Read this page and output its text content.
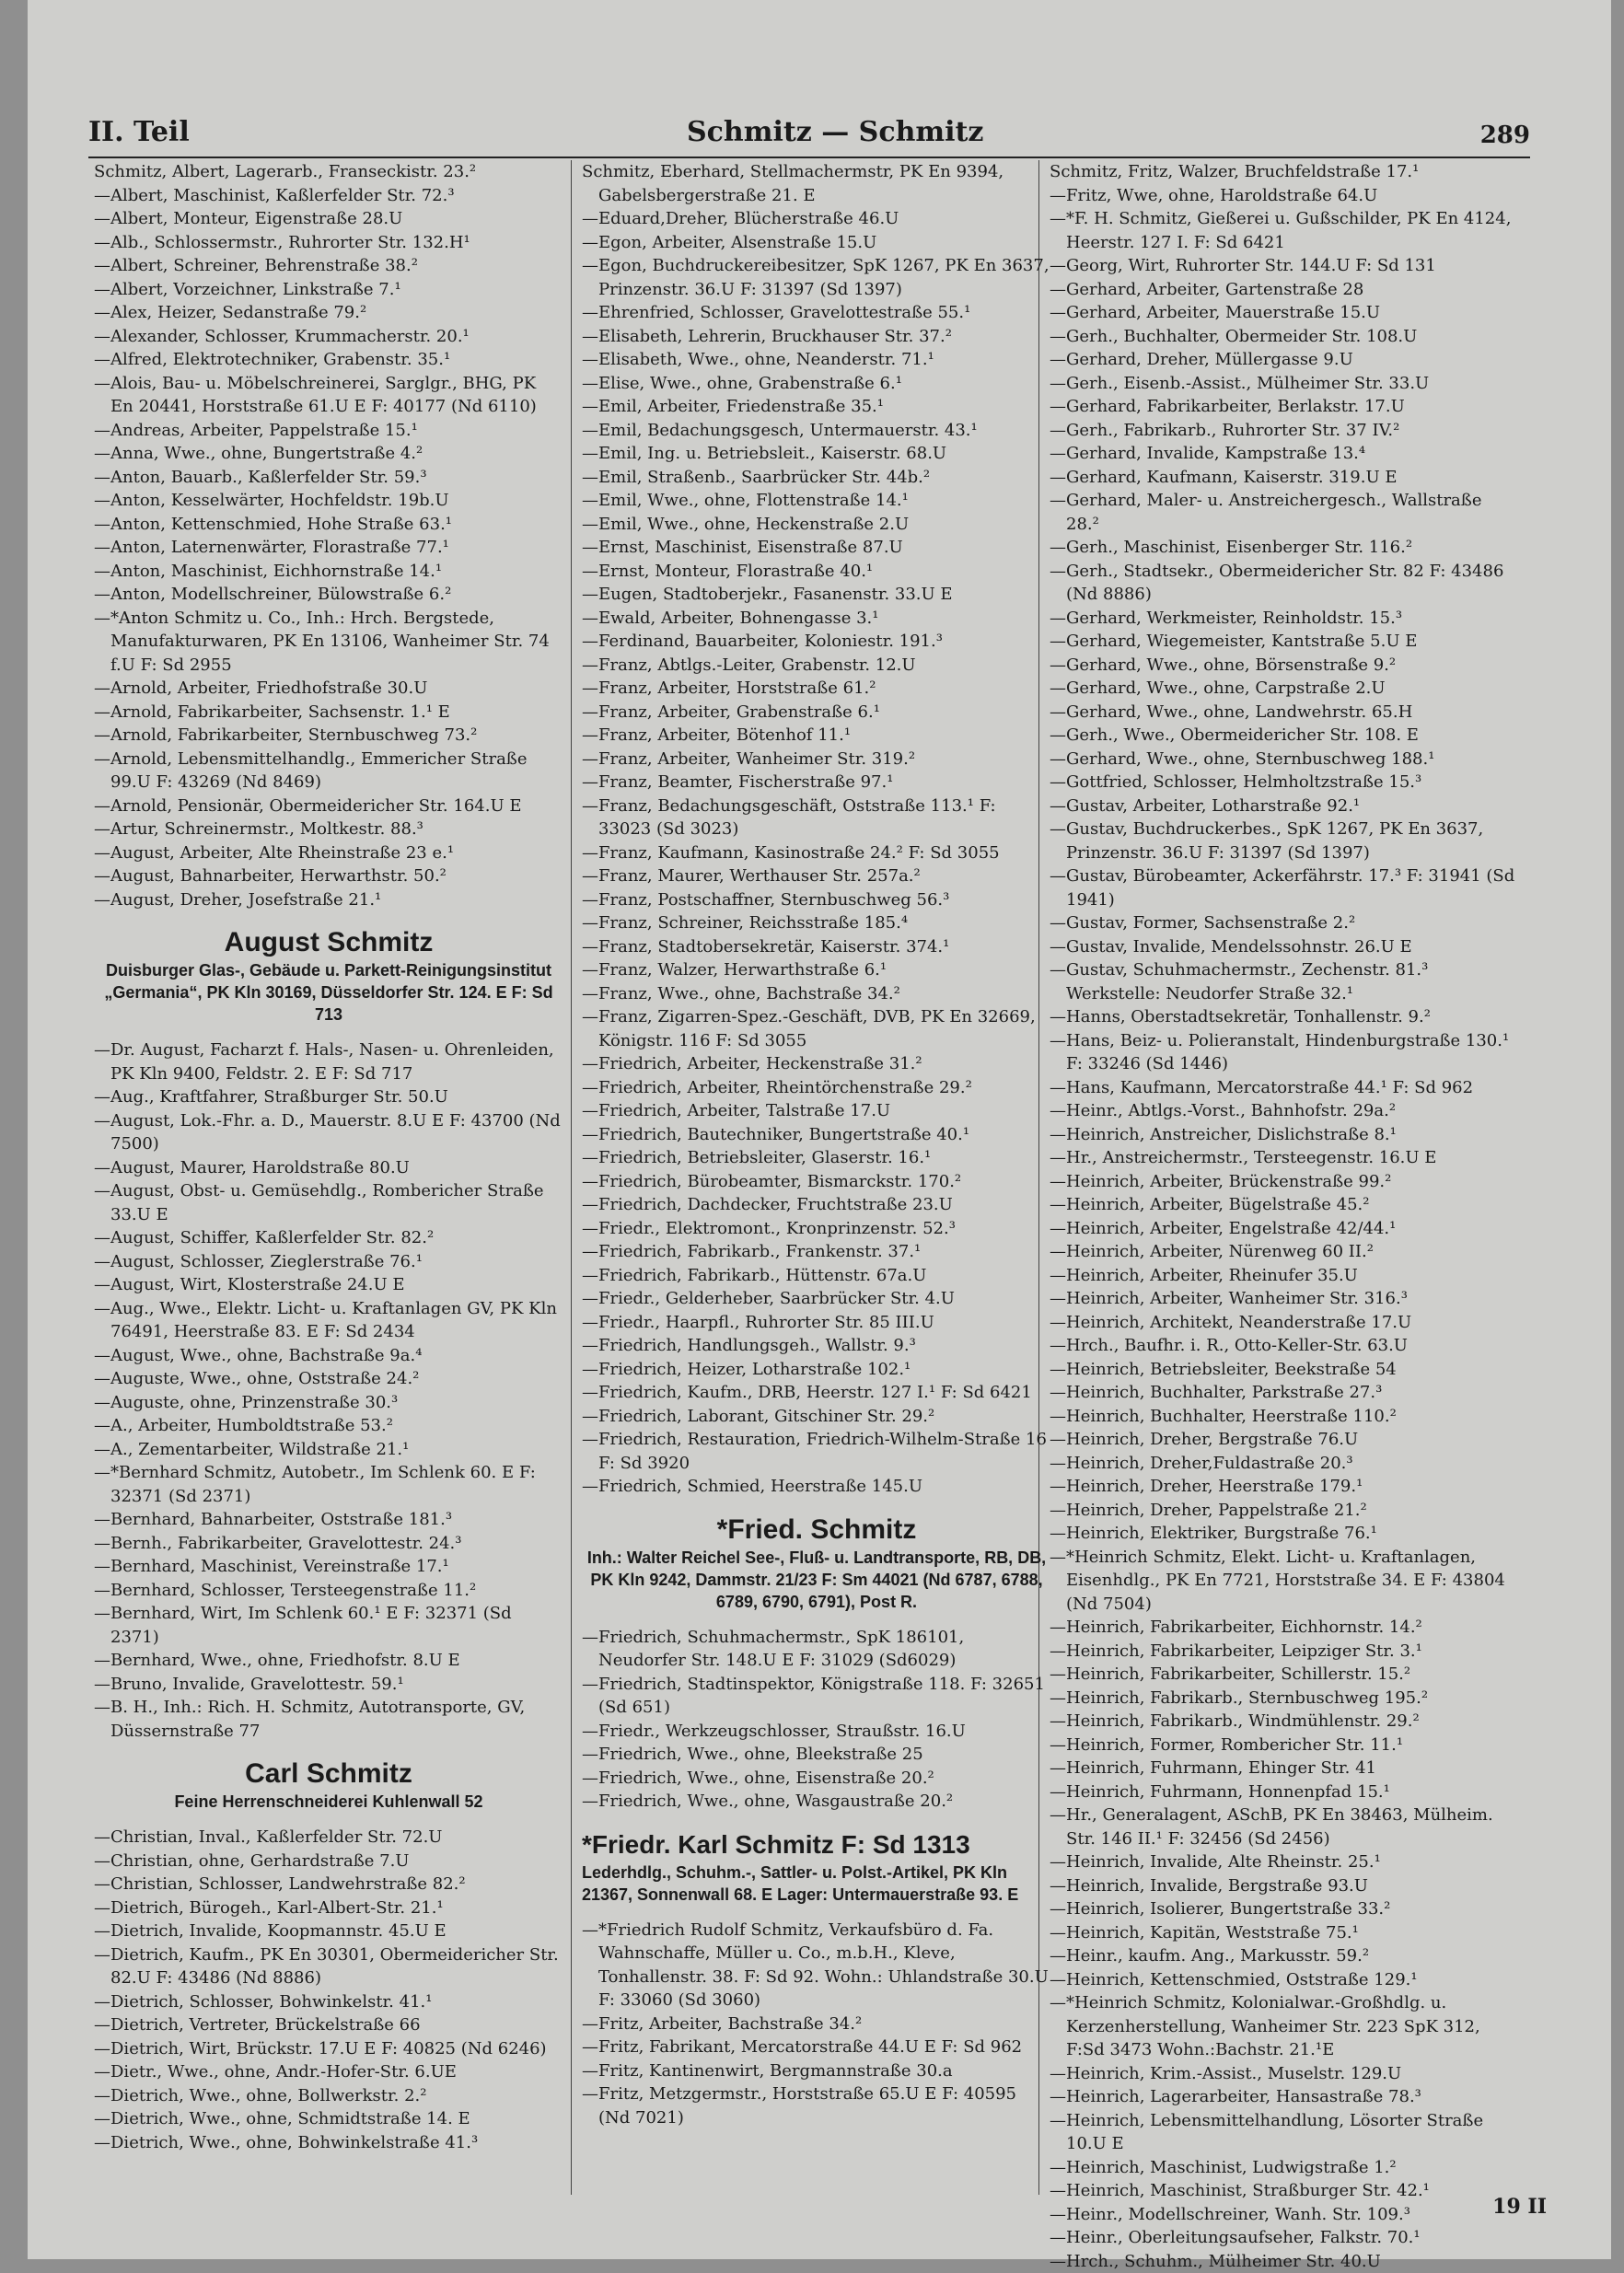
II. Teil	Schmitz — Schmitz	289
Schmitz, Albert, Lagerarb., Franseckistr. 23.²
—Albert, Maschinist, Kaßlerfelder Str. 72.³
—Albert, Monteur, Eigenstraße 28.U
—Alb., Schlossermstr., Ruhrorter Str. 132.H¹
—Albert, Schreiner, Behrenstraße 38.²
—Albert, Vorzeichner, Linkstraße 7.¹
—Alex, Heizer, Sedanstraße 79.²
—Alexander, Schlosser, Krummacherstr. 20.¹
—Alfred, Elektrotechniker, Grabenstr. 35.¹
—Alois, Bau- u. Möbelschreinerei, Sarglgr., BHG, PK En 20441, Horststraße 61.U E F: 40177 (Nd 6110)
—Andreas, Arbeiter, Pappelstraße 15.¹
—Anna, Wwe., ohne, Bungertstraße 4.²
—Anton, Bauarb., Kaßlerfelder Str. 59.³
—Anton, Kesselwärter, Hochfeldstr. 19b.U
—Anton, Kettenschmied, Hohe Straße 63.¹
—Anton, Laternenwärter, Florastraße 77.¹
—Anton, Maschinist, Eichhornstraße 14.¹
—Anton, Modellschreiner, Bülowstraße 6.²
—*Anton Schmitz u. Co., Inh.: Hrch. Bergstede, Manufakturwaren, PK En 13106, Wanheimer Str. 74 f.U F: Sd 2955
—Arnold, Arbeiter, Friedhofstraße 30.U
—Arnold, Fabrikarbeiter, Sachsenstr. 1.¹ E
—Arnold, Fabrikarbeiter, Sternbuschweg 73.²
—Arnold, Lebensmittelhandlg., Emmericher Straße 99.U F: 43269 (Nd 8469)
—Arnold, Pensionär, Obermeidericher Str. 164.U E
—Artur, Schreinermstr., Moltkestr. 88.³
—August, Arbeiter, Alte Rheinstraße 23 e.¹
—August, Bahnarbeiter, Herwarthstr. 50.²
—August, Dreher, Josefstraße 21.¹
August Schmitz
Duisburger Glas-, Gebäude u. Parkett-Reinigungsinstitut „Germania“, PK Kln 30169, Düsseldorfer Str. 124. E F: Sd 713
—Dr. August, Facharzt f. Hals-, Nasen- u. Ohrenleiden, PK Kln 9400, Feldstr. 2. E F: Sd 717
—Aug., Kraftfahrer, Straßburger Str. 50.U
—August, Lok.-Fhr. a. D., Mauerstr. 8.U E F: 43700 (Nd 7500)
—August, Maurer, Haroldstraße 80.U
—August, Obst- u. Gemüsehdlg., Rombericher Straße 33.U E
—August, Schiffer, Kaßlerfelder Str. 82.²
—August, Schlosser, Zieglerstraße 76.¹
—August, Wirt, Klosterstraße 24.U E
—Aug., Wwe., Elektr. Licht- u. Kraftanlagen GV, PK Kln 76491, Heerstraße 83. E F: Sd 2434
—August, Wwe., ohne, Bachstraße 9a.⁴
—Auguste, Wwe., ohne, Oststraße 24.²
—Auguste, ohne, Prinzenstraße 30.³
—A., Arbeiter, Humboldtstraße 53.²
—A., Zementarbeiter, Wildstraße 21.¹
—*Bernhard Schmitz, Autobetr., Im Schlenk 60. E F: 32371 (Sd 2371)
—Bernhard, Bahnarbeiter, Oststraße 181.³
—Bernh., Fabrikarbeiter, Gravelottestr. 24.³
—Bernhard, Maschinist, Vereinstraße 17.¹
—Bernhard, Schlosser, Tersteegenstraße 11.²
—Bernhard, Wirt, Im Schlenk 60.¹ E F: 32371 (Sd 2371)
—Bernhard, Wwe., ohne, Friedhofstr. 8.U E
—Bruno, Invalide, Gravelottestr. 59.¹
—B. H., Inh.: Rich. H. Schmitz, Autotransporte, GV, Düssernstraße 77
Carl Schmitz
Feine Herrenschneiderei Kuhlenwall 52
—Christian, Inval., Kaßlerfelder Str. 72.U
—Christian, ohne, Gerhardstraße 7.U
—Christian, Schlosser, Landwehrstraße 82.²
—Dietrich, Bürogeh., Karl-Albert-Str. 21.¹
—Dietrich, Invalide, Koopmannstr. 45.U E
—Dietrich, Kaufm., PK En 30301, Obermeidericher Str. 82.U F: 43486 (Nd 8886)
—Dietrich, Schlosser, Bohwinkelstr. 41.¹
—Dietrich, Vertreter, Brückelstraße 66
—Dietrich, Wirt, Brückstr. 17.U E F: 40825 (Nd 6246)
—Dietr., Wwe., ohne, Andr.-Hofer-Str. 6.UE
—Dietrich, Wwe., ohne, Bollwerkstr. 2.²
—Dietrich, Wwe., ohne, Schmidtstraße 14. E
—Dietrich, Wwe., ohne, Bohwinkelstraße 41.³
Schmitz, Eberhard, Stellmachermstr, PK En 9394, Gabelsbergerstraße 21. E
—Eduard,Dreher, Blücherstraße 46.U
—Egon, Arbeiter, Alsenstraße 15.U
—Egon, Buchdruckereibesitzer, SpK 1267, PK En 3637, Prinzenstr. 36.U F: 31397 (Sd 1397)
—Ehrenfried, Schlosser, Gravelottestraße 55.¹
—Elisabeth, Lehrerin, Bruckhauser Str. 37.²
—Elisabeth, Wwe., ohne, Neanderstr. 71.¹
—Elise, Wwe., ohne, Grabenstraße 6.¹
—Emil, Arbeiter, Friedenstraße 35.¹
—Emil, Bedachungsgesch, Untermauerstr. 43.¹
—Emil, Ing. u. Betriebsleit., Kaiserstr. 68.U
—Emil, Straßenb., Saarbrücker Str. 44b.²
—Emil, Wwe., ohne, Flottenstraße 14.¹
—Emil, Wwe., ohne, Heckenstraße 2.U
—Ernst, Maschinist, Eisenstraße 87.U
—Ernst, Monteur, Florastraße 40.¹
—Eugen, Stadtoberjekr., Fasanenstr. 33.U E
—Ewald, Arbeiter, Bohnengasse 3.¹
—Ferdinand, Bauarbeiter, Koloniestr. 191.³
—Franz, Abtlgs.-Leiter, Grabenstr. 12.U
—Franz, Arbeiter, Horststraße 61.²
—Franz, Arbeiter, Grabenstraße 6.¹
—Franz, Arbeiter, Bötenhof 11.¹
—Franz, Arbeiter, Wanheimer Str. 319.²
—Franz, Beamter, Fischerstraße 97.¹
—Franz, Bedachungsgeschäft, Oststraße 113.¹ F: 33023 (Sd 3023)
—Franz, Kaufmann, Kasinostraße 24.² F: Sd 3055
—Franz, Maurer, Werthauser Str. 257a.²
—Franz, Postschaffner, Sternbuschweg 56.³
—Franz, Schreiner, Reichsstraße 185.⁴
—Franz, Stadtobersekretär, Kaiserstr. 374.¹
—Franz, Walzer, Herwarthstraße 6.¹
—Franz, Wwe., ohne, Bachstraße 34.²
—Franz, Zigarren-Spez.-Geschäft, DVB, PK En 32669, Königstr. 116 F: Sd 3055
—Friedrich, Arbeiter, Heckenstraße 31.²
—Friedrich, Arbeiter, Rheintörchenstraße 29.²
—Friedrich, Arbeiter, Talstraße 17.U
—Friedrich, Bautechniker, Bungertstraße 40.¹
—Friedrich, Betriebsleiter, Glaserstr. 16.¹
—Friedrich, Bürobeamter, Bismarckstr. 170.²
—Friedrich, Dachdecker, Fruchtstraße 23.U
—Friedr., Elektromont., Kronprinzenstr. 52.³
—Friedrich, Fabrikarb., Frankenstr. 37.¹
—Friedrich, Fabrikarb., Hüttenstr. 67a.U
—Friedr., Gelderheber, Saarbrücker Str. 4.U
—Friedr., Haarpfl., Ruhrorter Str. 85 III.U
—Friedrich, Handlungsgeh., Wallstr. 9.³
—Friedrich, Heizer, Lotharstraße 102.¹
—Friedrich, Kaufm., DRB, Heerstr. 127 I.¹ F: Sd 6421
—Friedrich, Laborant, Gitschiner Str. 29.²
—Friedrich, Restauration, Friedrich-Wilhelm-Straße 16 F: Sd 3920
—Friedrich, Schmied, Heerstraße 145.U
*Fried. Schmitz
Inh.: Walter Reichel See-, Fluß- u. Landtransporte, RB, DB, PK Kln 9242, Dammstr. 21/23 F: Sm 44021 (Nd 6787, 6788, 6789, 6790, 6791), Post R.
—Friedrich, Schuhmachermstr., SpK 186101, Neudorfer Str. 148.U E F: 31029 (Sd6029)
—Friedrich, Stadtinspektor, Königstraße 118. F: 32651 (Sd 651)
—Friedr., Werkzeugschlosser, Straußstr. 16.U
—Friedrich, Wwe., ohne, Bleekstraße 25
—Friedrich, Wwe., ohne, Eisenstraße 20.²
—Friedrich, Wwe., ohne, Wasgaustraße 20.²
*Friedr. Karl Schmitz F: Sd 1313
Lederhdlg., Schuhm.-, Sattler- u. Polst.-Artikel, PK Kln 21367, Sonnenwall 68. E Lager: Untermauerstraße 93. E
—*Friedrich Rudolf Schmitz, Verkaufsbüro d. Fa. Wahnschaffe, Müller u. Co., m.b.H., Kleve, Tonhallenstr. 38. F: Sd 92. Wohn.: Uhlandstraße 30.U F: 33060 (Sd 3060)
—Fritz, Arbeiter, Bachstraße 34.²
—Fritz, Fabrikant, Mercatorstraße 44.U E F: Sd 962
—Fritz, Kantinenwirt, Bergmannstraße 30.a
—Fritz, Metzgermstr., Horststraße 65.U E F: 40595 (Nd 7021)
Schmitz, Fritz, Walzer, Bruchfeldstraße 17.¹
—Fritz, Wwe, ohne, Haroldstraße 64.U
—*F. H. Schmitz, Gießerei u. Gußschilder, PK En 4124, Heerstr. 127 I. F: Sd 6421
—Georg, Wirt, Ruhrorter Str. 144.U F: Sd 131
—Gerhard, Arbeiter, Gartenstraße 28
—Gerhard, Arbeiter, Mauerstraße 15.U
—Gerh., Buchhalter, Obermeider Str. 108.U
—Gerhard, Dreher, Müllergasse 9.U
—Gerh., Eisenb.-Assist., Mülheimer Str. 33.U
—Gerhard, Fabrikarbeiter, Berlakstr. 17.U
—Gerh., Fabrikarb., Ruhrorter Str. 37 IV.²
—Gerhard, Invalide, Kampstraße 13.⁴
—Gerhard, Kaufmann, Kaiserstr. 319.U E
—Gerhard, Maler- u. Anstreichergesch., Wallstraße 28.²
—Gerh., Maschinist, Eisenberger Str. 116.²
—Gerh., Stadtsekr., Obermeidericher Str. 82 F: 43486 (Nd 8886)
—Gerhard, Werkmeister, Reinholdstr. 15.³
—Gerhard, Wiegemeister, Kantstraße 5.U E
—Gerhard, Wwe., ohne, Börsenstraße 9.²
—Gerhard, Wwe., ohne, Carpstraße 2.U
—Gerhard, Wwe., ohne, Landwehrstr. 65.H
—Gerh., Wwe., Obermeidericher Str. 108. E
—Gerhard, Wwe., ohne, Sternbuschweg 188.¹
—Gottfried, Schlosser, Helmholtzstraße 15.³
—Gustav, Arbeiter, Lotharstraße 92.¹
—Gustav, Buchdruckerbes., SpK 1267, PK En 3637, Prinzenstr. 36.U F: 31397 (Sd 1397)
—Gustav, Bürobeamter, Ackerfährstr. 17.³ F: 31941 (Sd 1941)
—Gustav, Former, Sachsenstraße 2.²
—Gustav, Invalide, Mendelssohnstr. 26.U E
—Gustav, Schuhmachermstr., Zechenstr. 81.³ Werkstelle: Neudorfer Straße 32.¹
—Hanns, Oberstadtsekretär, Tonhallenstr. 9.²
—Hans, Beiz- u. Polieranstalt, Hindenburgstraße 130.¹ F: 33246 (Sd 1446)
—Hans, Kaufmann, Mercatorstraße 44.¹ F: Sd 962
—Heinr., Abtlgs.-Vorst., Bahnhofstr. 29a.²
—Heinrich, Anstreicher, Dislichstraße 8.¹
—Hr., Anstreichermstr., Tersteegenstr. 16.U E
—Heinrich, Arbeiter, Brückenstraße 99.²
—Heinrich, Arbeiter, Bügelstraße 45.²
—Heinrich, Arbeiter, Engelstraße 42/44.¹
—Heinrich, Arbeiter, Nürenweg 60 II.²
—Heinrich, Arbeiter, Rheinufer 35.U
—Heinrich, Arbeiter, Wanheimer Str. 316.³
—Heinrich, Architekt, Neanderstraße 17.U
—Hrch., Baufhr. i. R., Otto-Keller-Str. 63.U
—Heinrich, Betriebsleiter, Beekstraße 54
—Heinrich, Buchhalter, Parkstraße 27.³
—Heinrich, Buchhalter, Heerstraße 110.²
—Heinrich, Dreher, Bergstraße 76.U
—Heinrich, Dreher,Fuldastraße 20.³
—Heinrich, Dreher, Heerstraße 179.¹
—Heinrich, Dreher, Pappelstraße 21.²
—Heinrich, Elektriker, Burgstraße 76.¹
—*Heinrich Schmitz, Elekt. Licht- u. Kraftanlagen, Eisenhdlg., PK En 7721, Horststraße 34. E F: 43804 (Nd 7504)
—Heinrich, Fabrikarbeiter, Eichhornstr. 14.²
—Heinrich, Fabrikarbeiter, Leipziger Str. 3.¹
—Heinrich, Fabrikarbeiter, Schillerstr. 15.²
—Heinrich, Fabrikarb., Sternbuschweg 195.²
—Heinrich, Fabrikarb., Windmühlenstr. 29.²
—Heinrich, Former, Rombericher Str. 11.¹
—Heinrich, Fuhrmann, Ehinger Str. 41
—Heinrich, Fuhrmann, Honnenpfad 15.¹
—Hr., Generalagent, ASchB, PK En 38463, Mülheim. Str. 146 II.¹ F: 32456 (Sd 2456)
—Heinrich, Invalide, Alte Rheinstr. 25.¹
—Heinrich, Invalide, Bergstraße 93.U
—Heinrich, Isolierer, Bungertstraße 33.²
—Heinrich, Kapitän, Weststraße 75.¹
—Heinr., kaufm. Ang., Markusstr. 59.²
—Heinrich, Kettenschmied, Oststraße 129.¹
—*Heinrich Schmitz, Kolonialwar.-Großhdlg. u. Kerzenherstellung, Wanheimer Str. 223 SpK 312, F:Sd 3473 Wohn.:Bachstr. 21.¹E
—Heinrich, Krim.-Assist., Muselstr. 129.U
—Heinrich, Lagerarbeiter, Hansastraße 78.³
—Heinrich, Lebensmittelhandlung, Lösorter Straße 10.U E
—Heinrich, Maschinist, Ludwigstraße 1.²
—Heinrich, Maschinist, Straßburger Str. 42.¹
—Heinr., Modellschreiner, Wanh. Str. 109.³
—Heinr., Oberleitungsaufseher, Falkstr. 70.¹
—Hrch., Schuhm., Mülheimer Str. 40.U
19 II
